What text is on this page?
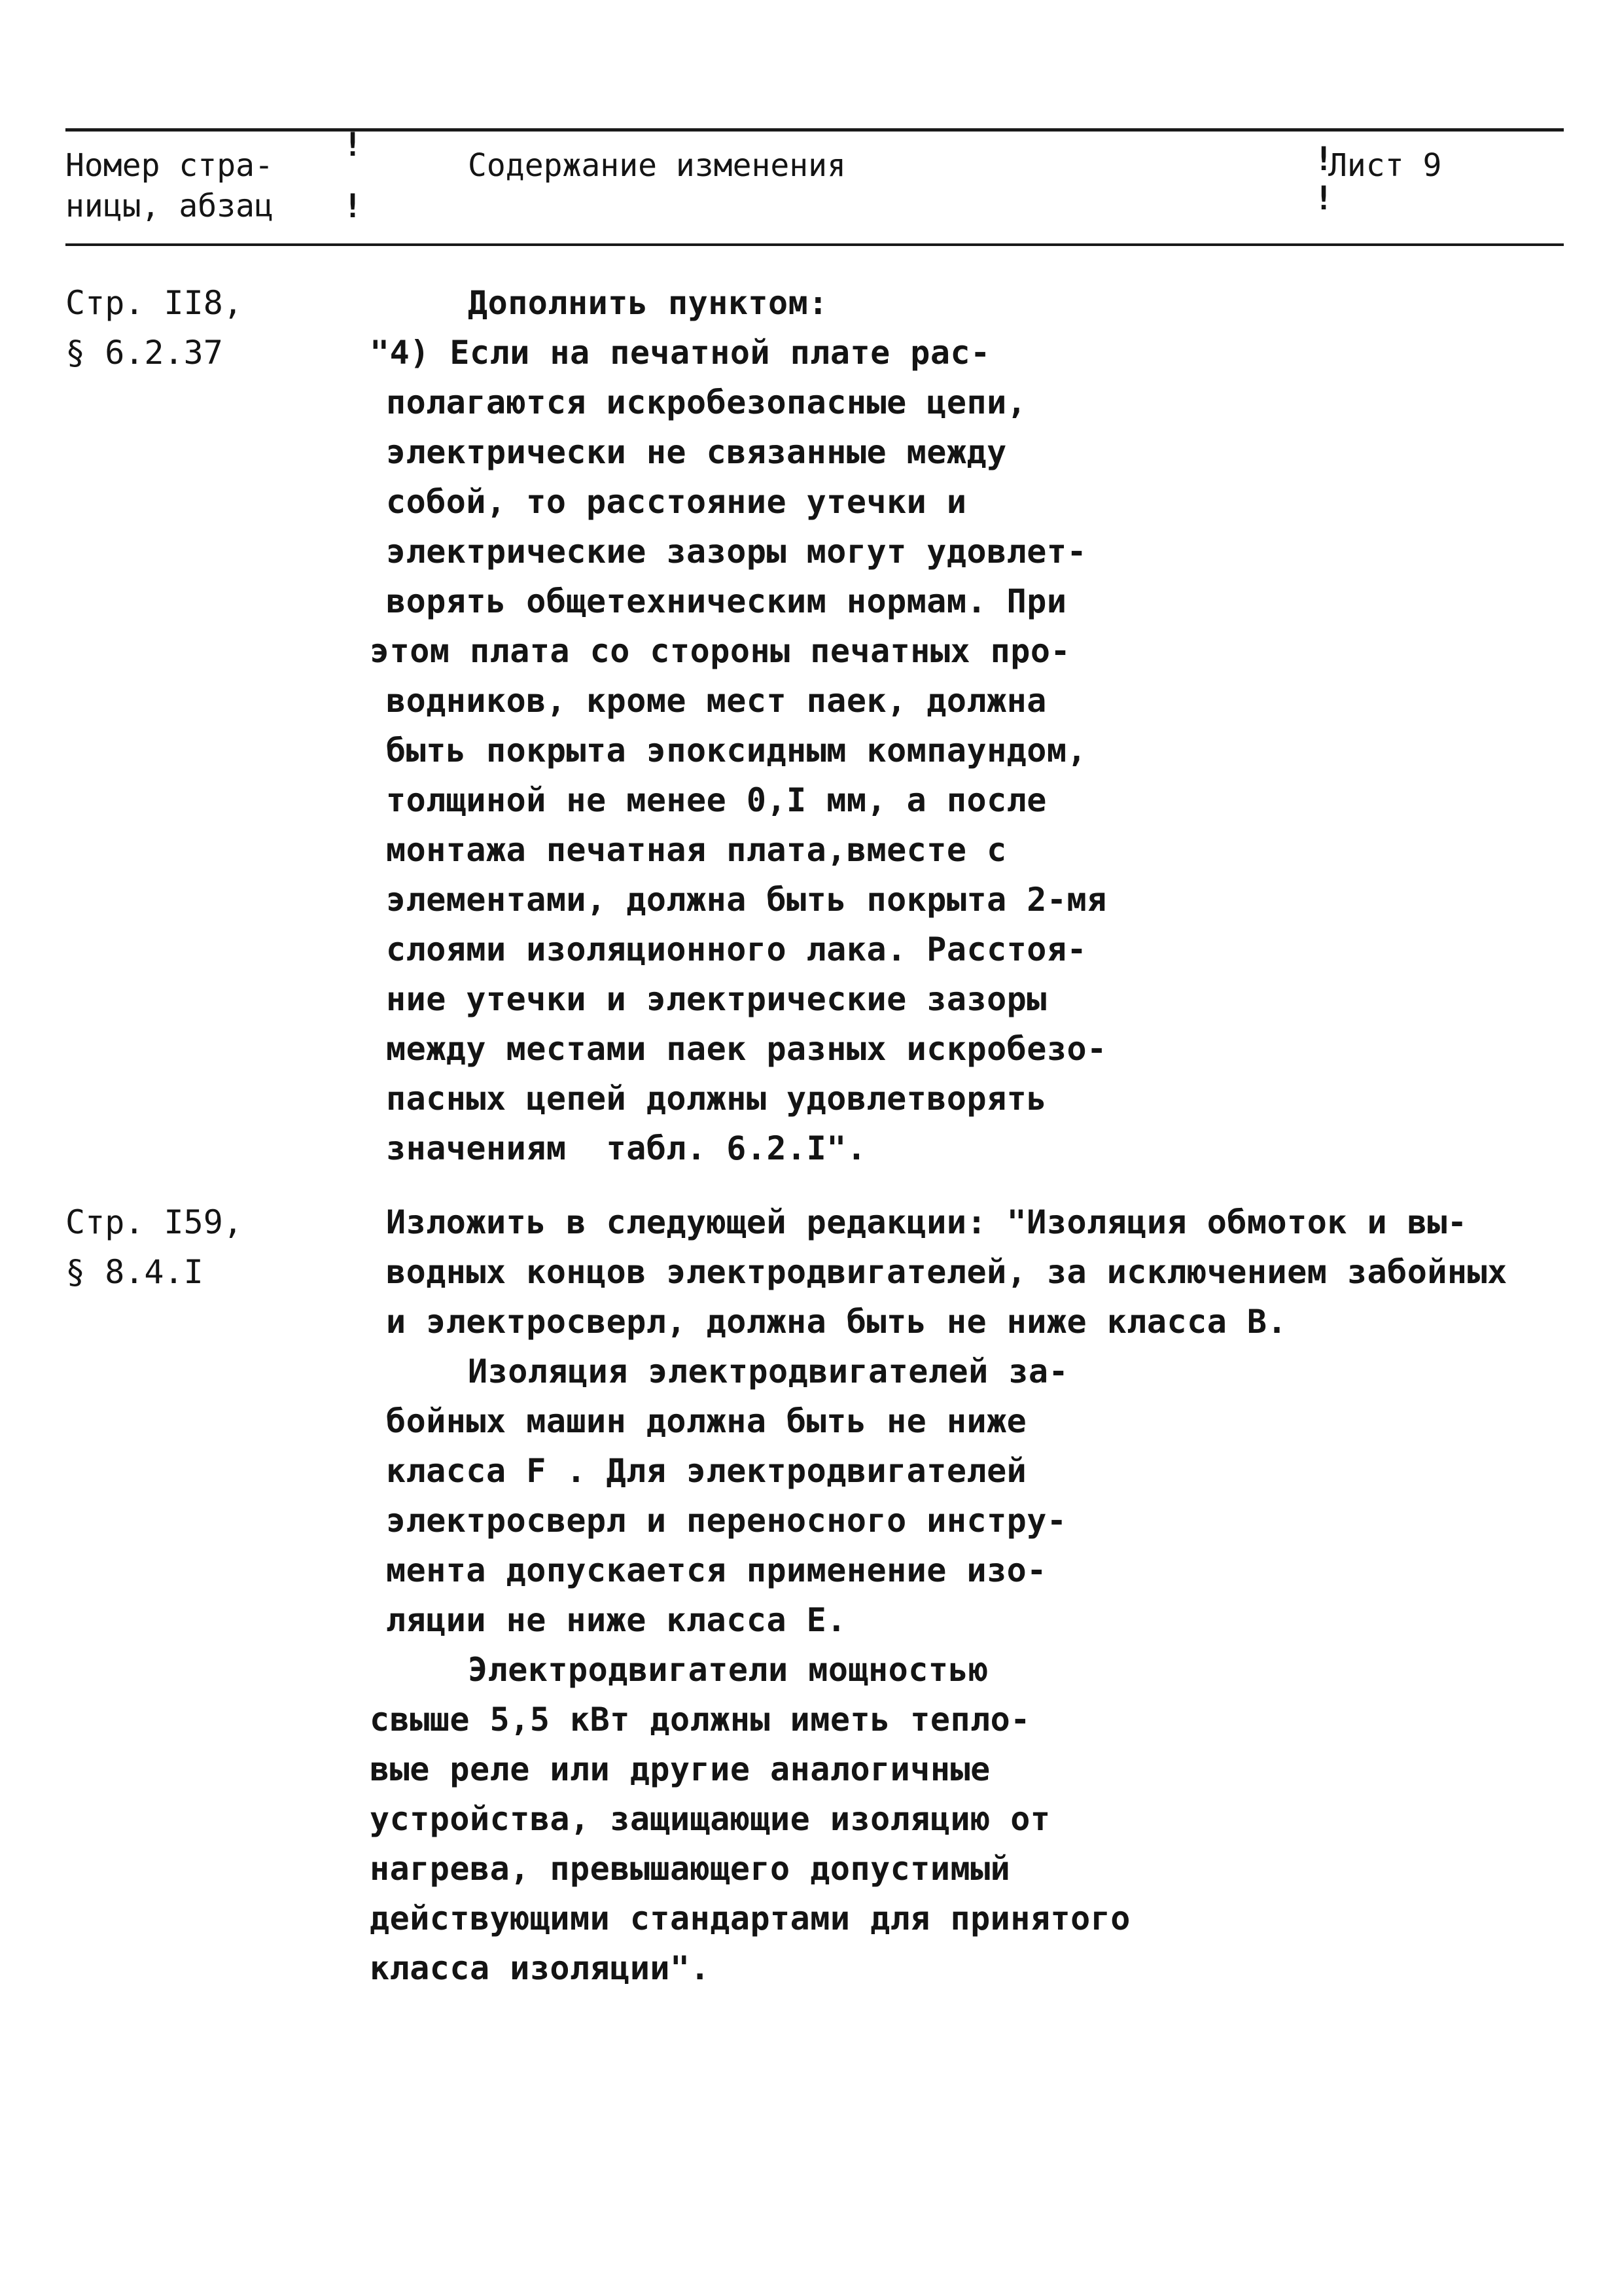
Номер стра-
ницы, абзац
!
!
Содержание изменения	!
!
Лист 9
Стр. II8,
§ 6.2.37
Дополнить пунктом:
"4) Если на печатной плате рас-
полагаются искробезопасные цепи,
электрически не связанные между
собой, то расстояние утечки и
электрические зазоры могут удовлет-
ворять общетехническим нормам. При
этом плата со стороны печатных про-
водников, кроме мест паек, должна
быть покрыта эпоксидным компаундом,
толщиной не менее 0,I мм, а после
монтажа печатная плата,вместе с
элементами, должна быть покрыта 2-мя
слоями изоляционного лака. Расстоя-
ние утечки и электрические зазоры
между местами паек разных искробезо-
пасных цепей должны удовлетворять
значениям  табл. 6.2.I".
Стр. I59,
§ 8.4.I
Изложить в следующей редакции: "Изоляция обмоток и вы-
водных концов электродвигателей, за исключением забойных
и электросверл, должна быть не ниже класса В.
Изоляция электродвигателей за-
бойных машин должна быть не ниже
класса F . Для электродвигателей
электросверл и переносного инстру-
мента допускается применение изо-
ляции не ниже класса Е.
Электродвигатели мощностью
свыше 5,5 кВт должны иметь тепло-
вые реле или другие аналогичные
устройства, защищающие изоляцию от
нагрева, превышающего допустимый
действующими стандартами для принятого
класса изоляции".
